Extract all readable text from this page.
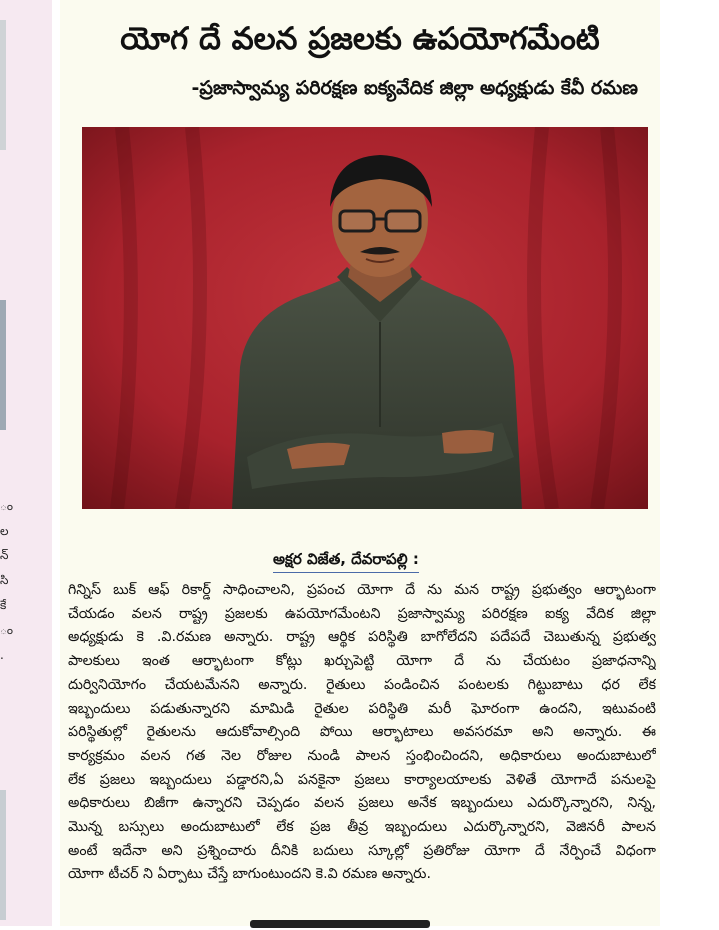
ం
ల
న్
సి
కే
ం
.
యోగ దే వలన ప్రజలకు ఉపయోగమేంటి
-ప్రజాస్వామ్య పరిరక్షణ ఐక్యవేదిక జిల్లా అధ్యక్షుడు కేవీ రమణ
అక్షర విజేత, దేవరాపల్లి :
గిన్నిస్ బుక్ ఆఫ్ రికార్డ్ సాధించాలని, ప్రపంచ యోగా దే ను మన రాష్ట్ర ప్రభుత్వం ఆర్భాటంగా
చేయడం వలన రాష్ట్ర ప్రజలకు ఉపయోగమేంటని ప్రజాస్వామ్య పరిరక్షణ ఐక్య వేదిక జిల్లా
అధ్యక్షుడు కె .వి.రమణ అన్నారు. రాష్ట్ర ఆర్థిక పరిస్థితి బాగోలేదని పదేపదే చెబుతున్న ప్రభుత్వ
పాలకులు ఇంత ఆర్భాటంగా కోట్లు ఖర్చుపెట్టి యోగా దే ను చేయటం ప్రజాధనాన్ని
దుర్వినియోగం చేయటమేనని అన్నారు. రైతులు పండించిన పంటలకు గిట్టుబాటు ధర లేక
ఇబ్బందులు పడుతున్నారని మామిడి రైతుల పరిస్థితి మరీ ఘోరంగా ఉందని, ఇటువంటి
పరిస్థితుల్లో రైతులను ఆదుకోవాల్సింది పోయి ఆర్భాటాలు అవసరమా అని అన్నారు. ఈ
కార్యక్రమం వలన గత నెల రోజుల నుండి పాలన స్తంభించిందని, అధికారులు అందుబాటులో
లేక ప్రజలు ఇబ్బందులు పడ్డారని,ఏ పనకైనా ప్రజలు కార్యాలయాలకు వెళితే యోగాదే పనులపై
అధికారులు బిజీగా ఉన్నారని చెప్పడం వలన ప్రజలు అనేక ఇబ్బందులు ఎదుర్కొన్నారని, నిన్న,
మొన్న బస్సులు అందుబాటులో లేక ప్రజ తీవ్ర ఇబ్బందులు ఎదుర్కొన్నారని, వెజినరీ పాలన
అంటే ఇదేనా అని ప్రశ్నించారు దీనికి బదులు స్కూల్లో ప్రతిరోజు యోగా దే నేర్పించే విధంగా
యోగా టీచర్ ని ఏర్పాటు చేస్తే బాగుంటుందని కె.వి రమణ అన్నారు.
